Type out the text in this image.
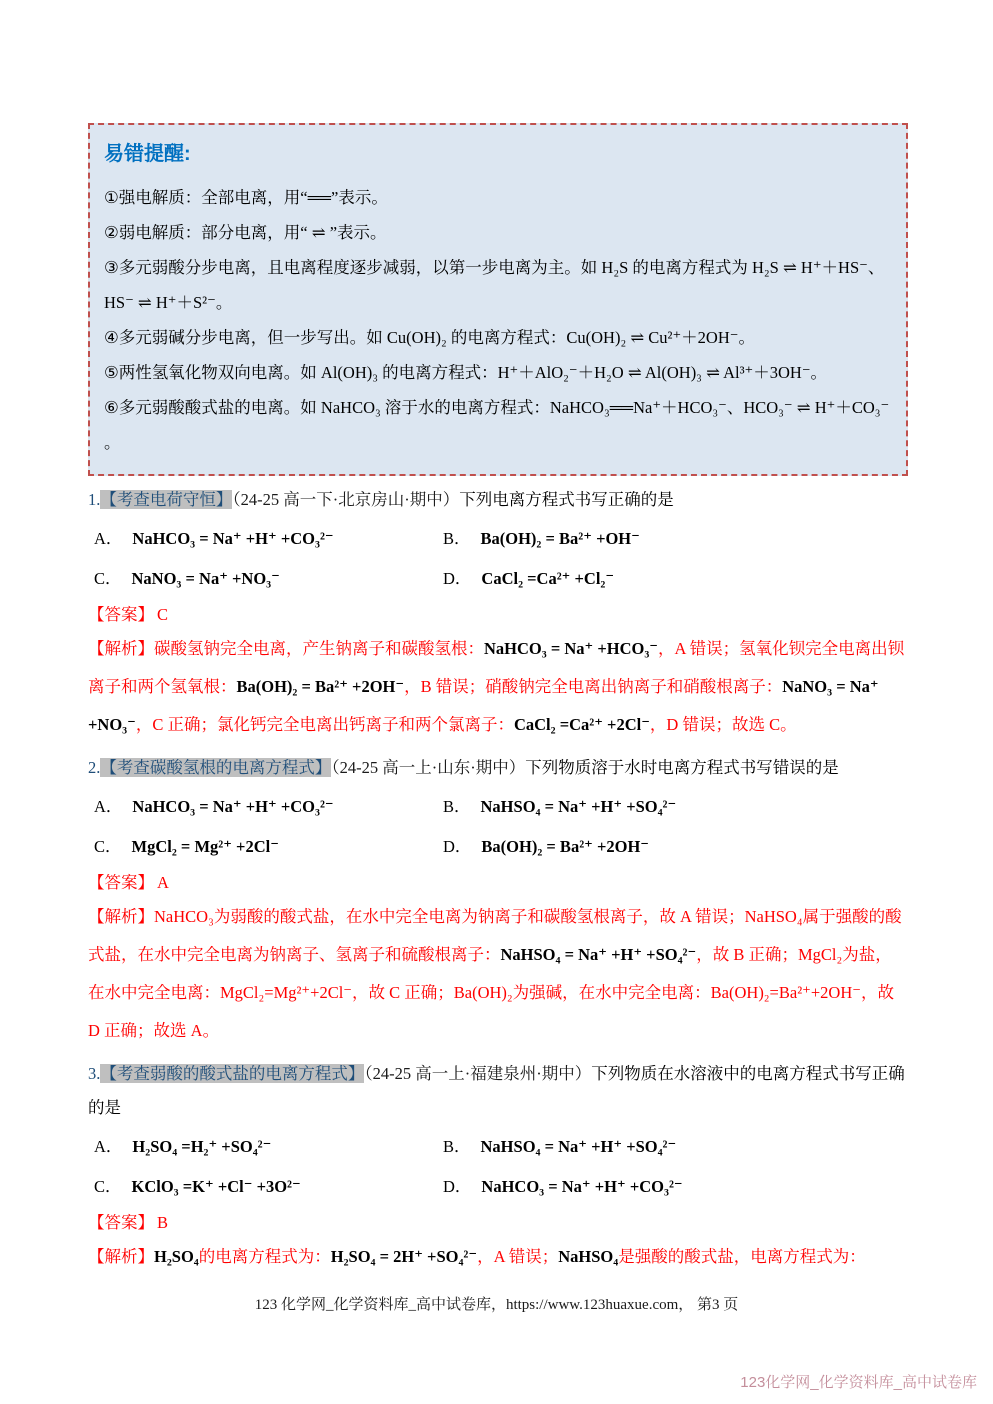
易错提醒:

①强电解质：全部电离，用“══”表示。

②弱电解质：部分电离，用“ ⇌ ”表示。

③多元弱酸分步电离，且电离程度逐步减弱，以第一步电离为主。如 H₂S 的电离方程式为 H₂S ⇌ H⁺＋HS⁻、HS⁻ ⇌ H⁺＋S²⁻。

④多元弱碱分步电离，但一步写出。如 Cu(OH)₂ 的电离方程式：Cu(OH)₂ ⇌ Cu²⁺＋2OH⁻。

⑤两性氢氧化物双向电离。如 Al(OH)₃ 的电离方程式：H⁺＋AlO₂⁻＋H₂O ⇌ Al(OH)₃ ⇌ Al³⁺＋3OH⁻。

⑥多元弱酸酸式盐的电离。如 NaHCO₃ 溶于水的电离方程式：NaHCO₃══Na⁺＋HCO₃⁻、HCO₃⁻ ⇌ H⁺＋CO₃⁻ 。

1.【考查电荷守恒】（24-25 高一下·北京房山·期中）下列电离方程式书写正确的是
A． NaHCO₃ = Na⁺ +H⁺ +CO₃²⁻	B． Ba(OH)₂ = Ba²⁺ +OH⁻
C． NaNO₃ = Na⁺ +NO₃⁻	D． CaCl₂ =Ca²⁺ +Cl₂⁻
【答案】 C

【解析】碳酸氢钠完全电离，产生钠离子和碳酸氢根：NaHCO₃ = Na⁺ +HCO₃⁻，A 错误；氢氧化钡完全电离出钡离子和两个氢氧根：Ba(OH)₂ = Ba²⁺ +2OH⁻，B 错误；硝酸钠完全电离出钠离子和硝酸根离子：NaNO₃ = Na⁺ +NO₃⁻，C 正确；氯化钙完全电离出钙离子和两个氯离子：CaCl₂ =Ca²⁺ +2Cl⁻，D 错误；故选 C。

2.【考查碳酸氢根的电离方程式】（24-25 高一上·山东·期中）下列物质溶于水时电离方程式书写错误的是
A． NaHCO₃ = Na⁺ +H⁺ +CO₃²⁻	B． NaHSO₄ = Na⁺ +H⁺ +SO₄²⁻
C． MgCl₂ = Mg²⁺ +2Cl⁻	D． Ba(OH)₂ = Ba²⁺ +2OH⁻
【答案】 A

【解析】NaHCO₃为弱酸的酸式盐，在水中完全电离为钠离子和碳酸氢根离子，故 A 错误；NaHSO₄属于强酸的酸式盐，在水中完全电离为钠离子、氢离子和硫酸根离子：NaHSO₄ = Na⁺ +H⁺ +SO₄²⁻，故 B 正确；MgCl₂为盐，在水中完全电离：MgCl₂=Mg²⁺+2Cl⁻，故 C 正确；Ba(OH)₂为强碱，在水中完全电离：Ba(OH)₂=Ba²⁺+2OH⁻，故 D 正确；故选 A。

3.【考查弱酸的酸式盐的电离方程式】（24-25 高一上·福建泉州·期中）下列物质在水溶液中的电离方程式书写正确的是
A． H₂SO₄ =H₂⁺ +SO₄²⁻	B． NaHSO₄ = Na⁺ +H⁺ +SO₄²⁻
C． KClO₃ =K⁺ +Cl⁻ +3O²⁻	D． NaHCO₃ = Na⁺ +H⁺ +CO₃²⁻
【答案】 B

【解析】H₂SO₄的电离方程式为：H₂SO₄ = 2H⁺ +SO₄²⁻，A 错误；NaHSO₄是强酸的酸式盐，电离方程式为：

123 化学网_化学资料库_高中试卷库，https://www.123huaxue.com， 第3 页
123化学网_化学资料库_高中试卷库
